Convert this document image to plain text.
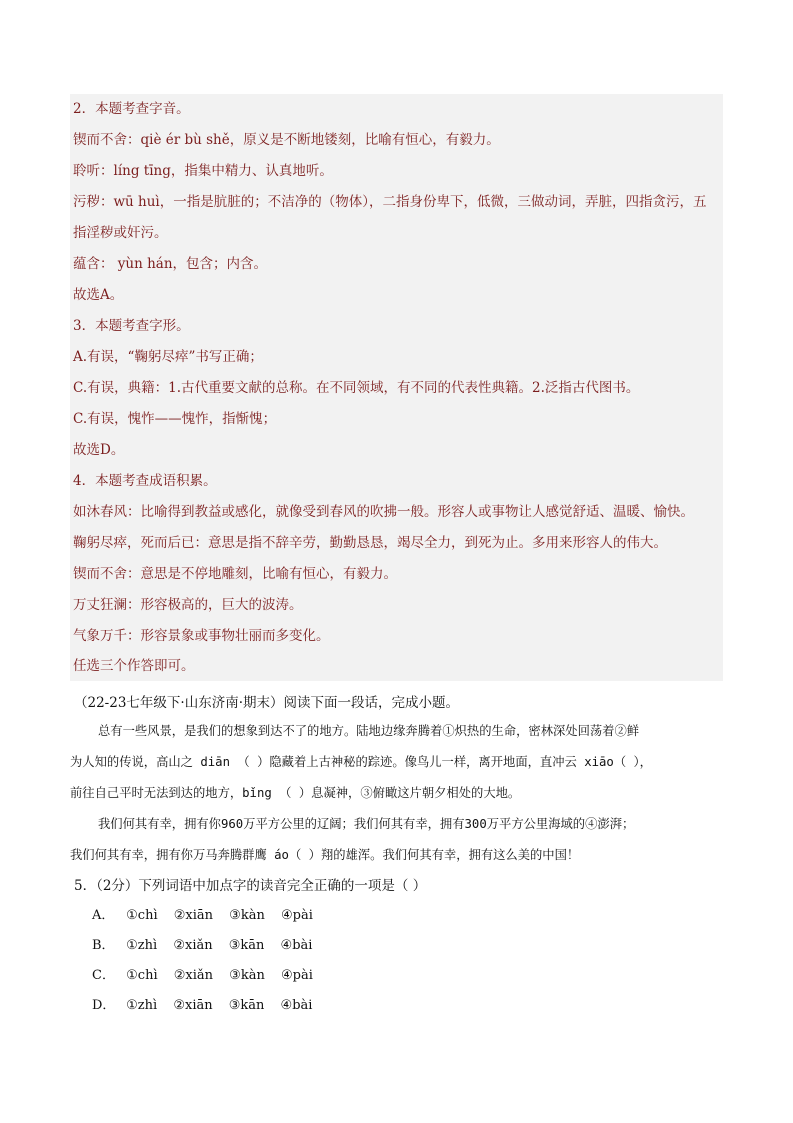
2．本题考查字音。
锲而不舍：qiè ér bù shě，原义是不断地镂刻，比喻有恒心，有毅力。
聆听：líng tīng，指集中精力、认真地听。
污秽：wū huì，一指是肮脏的；不洁净的（物体），二指身份卑下，低微，三做动词，弄脏，四指贪污，五
指淫秽或奸污。
蕴含： yùn hán，包含；内含。
故选A。
3．本题考查字形。
A.有误，“鞠躬尽瘁”书写正确；
C.有误，典籍：1.古代重要文献的总称。在不同领域，有不同的代表性典籍。2.泛指古代图书。
C.有误，愧怍——愧怍，指惭愧；
故选D。
4．本题考查成语积累。
如沐春风：比喻得到教益或感化，就像受到春风的吹拂一般。形容人或事物让人感觉舒适、温暖、愉快。
鞠躬尽瘁，死而后已：意思是指不辞辛劳，勤勤恳恳，竭尽全力，到死为止。多用来形容人的伟大。
锲而不舍：意思是不停地雕刻，比喻有恒心，有毅力。
万丈狂澜：形容极高的，巨大的波涛。
气象万千：形容景象或事物壮丽而多变化。
任选三个作答即可。
（22-23七年级下·山东济南·期末）阅读下面一段话，完成小题。
总有一些风景，是我们的想象到达不了的地方。陆地边缘奔腾着①炽热的生命，密林深处回荡着②鲜
为人知的传说，高山之 diān （ ）隐藏着上古神秘的踪迹。像鸟儿一样，离开地面，直冲云 xiāo（ ），
前往自己平时无法到达的地方，bǐng （ ）息凝神，③俯瞰这片朝夕相处的大地。
我们何其有幸，拥有你960万平方公里的辽阔；我们何其有幸，拥有300万平方公里海域的④澎湃；
我们何其有幸，拥有你万马奔腾群鹰 áo（ ）翔的雄浑。我们何其有幸，拥有这么美的中国！
5．（2分）下列词语中加点字的读音完全正确的一项是（ ）
A． ①chì ②xiān ③kàn ④pài
B． ①zhì ②xiǎn ③kān ④bài
C． ①chì ②xiǎn ③kàn ④pài
D． ①zhì ②xiān ③kān ④bài
